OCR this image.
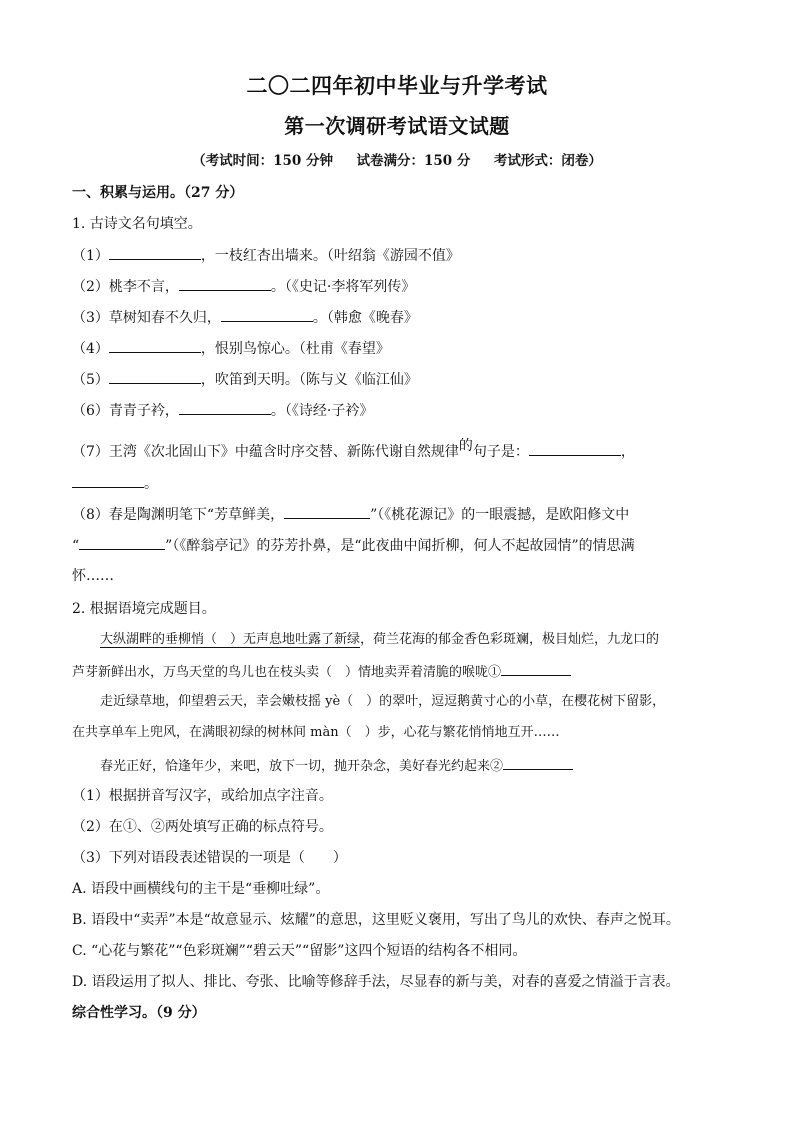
二〇二四年初中毕业与升学考试
第一次调研考试语文试题
（考试时间：150 分钟     试卷满分：150 分     考试形式：闭卷）
一、积累与运用。（27 分）
1. 古诗文名句填空。
（1）	，一枝红杏出墙来。（叶绍翁《游园不值》
（2）桃李不言，	。（《史记·李将军列传》
（3）草树知春不久归，	。（韩愈《晚春》
（4）	，恨别鸟惊心。（杜甫《春望》
（5）	，吹笛到天明。（陈与义《临江仙》
（6）青青子衿，	。（《诗经·子衿》
（7）王湾《次北固山下》中蕴含时序交替、新陈代谢自然规律的句子是：	，
。
（8）春是陶渊明笔下“芳草鲜美，	”（《桃花源记》的一眼震撼，是欧阳修文中
“	”（《醉翁亭记》的芬芳扑鼻，是“此夜曲中闻折柳，何人不起故园情”的情思满
怀……
2. 根据语境完成题目。
大纵湖畔的垂柳悄（　）无声息地吐露了新绿，荷兰花海的郁金香色彩斑斓，极目灿烂，九龙口的
芦芽新鲜出水，万鸟天堂的鸟儿也在枝头卖（　）情地卖弄着清脆的喉咙①
走近绿草地，仰望碧云天，幸会嫩枝摇 yè（　）的翠叶，逗逗鹅黄寸心的小草，在樱花树下留影，
在共享单车上兜风，在满眼初绿的树林间 màn（　）步，心花与繁花悄悄地互开……
春光正好，恰逢年少，来吧，放下一切，抛开杂念，美好春光约起来②
（1）根据拼音写汉字，或给加点字注音。
（2）在①、②两处填写正确的标点符号。
（3）下列对语段表述错误的一项是（　　）
A. 语段中画横线句的主干是“垂柳吐绿”。
B. 语段中“卖弄”本是“故意显示、炫耀”的意思，这里贬义褒用，写出了鸟儿的欢快、春声之悦耳。
C. “心花与繁花”“色彩斑斓”“碧云天”“留影”这四个短语的结构各不相同。
D. 语段运用了拟人、排比、夸张、比喻等修辞手法，尽显春的新与美，对春的喜爱之情溢于言表。
综合性学习。（9 分）
